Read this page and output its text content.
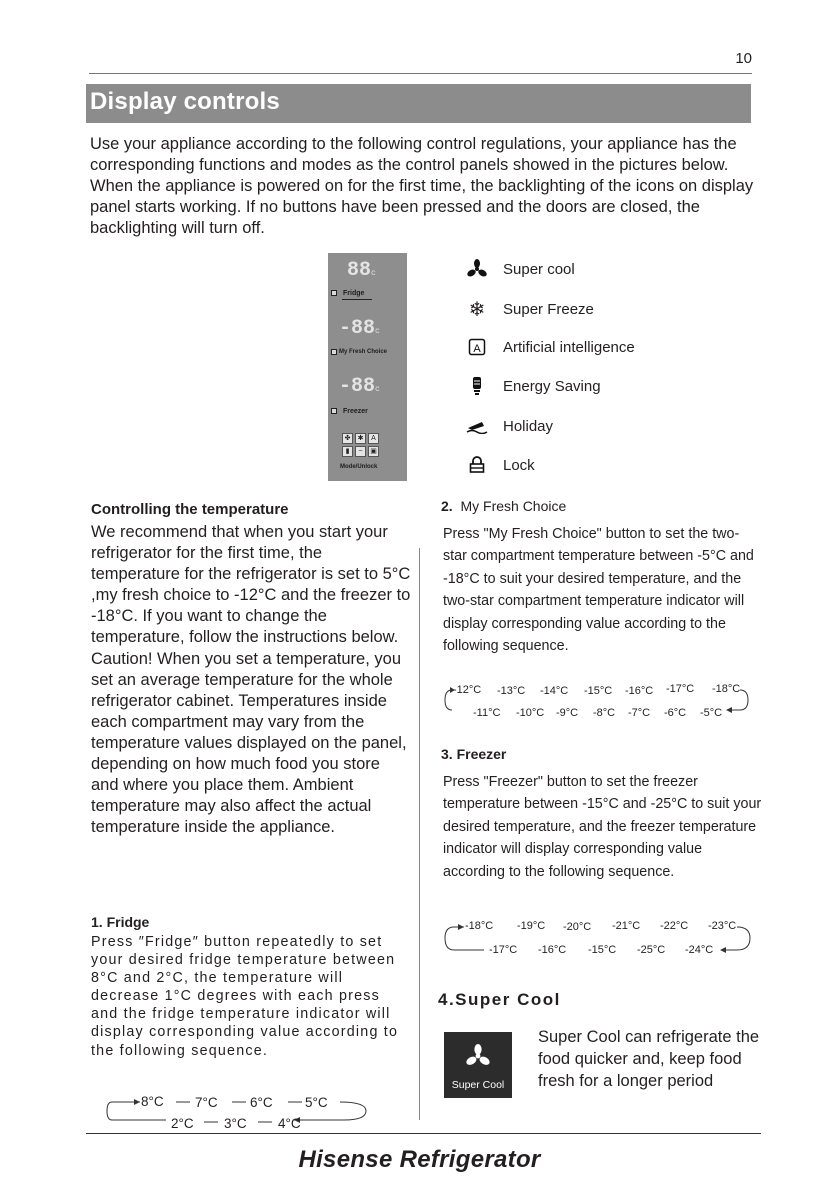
10
Display controls
Use your appliance according to the following control regulations, your appliance has the corresponding functions and modes as the control panels showed in the pictures below. When the appliance is powered on for the first time, the backlighting of the icons on display panel starts working. If no buttons have been pressed and the doors are closed, the backlighting will turn off.
88c
Fridge
-88c
My Fresh Choice
-88c
Freezer
✤	✱	A
▮	~	▣
Mode/Unlock
Super cool
❄ Super Freeze
A Artificial intelligence
Energy Saving
Holiday
Lock
Controlling the temperature
We recommend that when you start your refrigerator for the first time, the temperature for the refrigerator is set to 5°C ,my fresh choice to -12°C and the freezer to -18°C. If you want to change the temperature, follow the instructions below. Caution! When you set a temperature, you set an average temperature for the whole refrigerator cabinet. Temperatures inside each compartment may vary from the temperature values displayed on the panel, depending on how much food you store and where you place them. Ambient temperature may also affect the actual temperature inside the appliance.
1. Fridge
Press ″Fridge″ button repeatedly to set your desired fridge temperature between 8°C and 2°C, the temperature will decrease 1°C degrees with each press and the fridge temperature indicator will display corresponding value according to the following sequence.
8°C 7°C 6°C 5°C
2°C 3°C 4°C
2. My Fresh Choice
Press "My Fresh Choice" button to set the two-star compartment temperature between -5°C and -18°C to suit your desired temperature, and the two-star compartment temperature indicator will display corresponding value according to the following sequence.
-12°C -13°C -14°C -15°C -16°C -17°C -18°C
-11°C -10°C -9°C -8°C -7°C -6°C -5°C
3. Freezer
Press "Freezer" button to set the freezer temperature between -15°C and -25°C to suit your desired temperature, and the freezer temperature indicator will display corresponding value according to the following sequence.
-18°C -19°C -20°C -21°C -22°C -23°C
-17°C -16°C -15°C -25°C -24°C
4.Super Cool
Super Cool
Super Cool can refrigerate the food quicker and, keep food fresh for a longer period
Hisense Refrigerator
